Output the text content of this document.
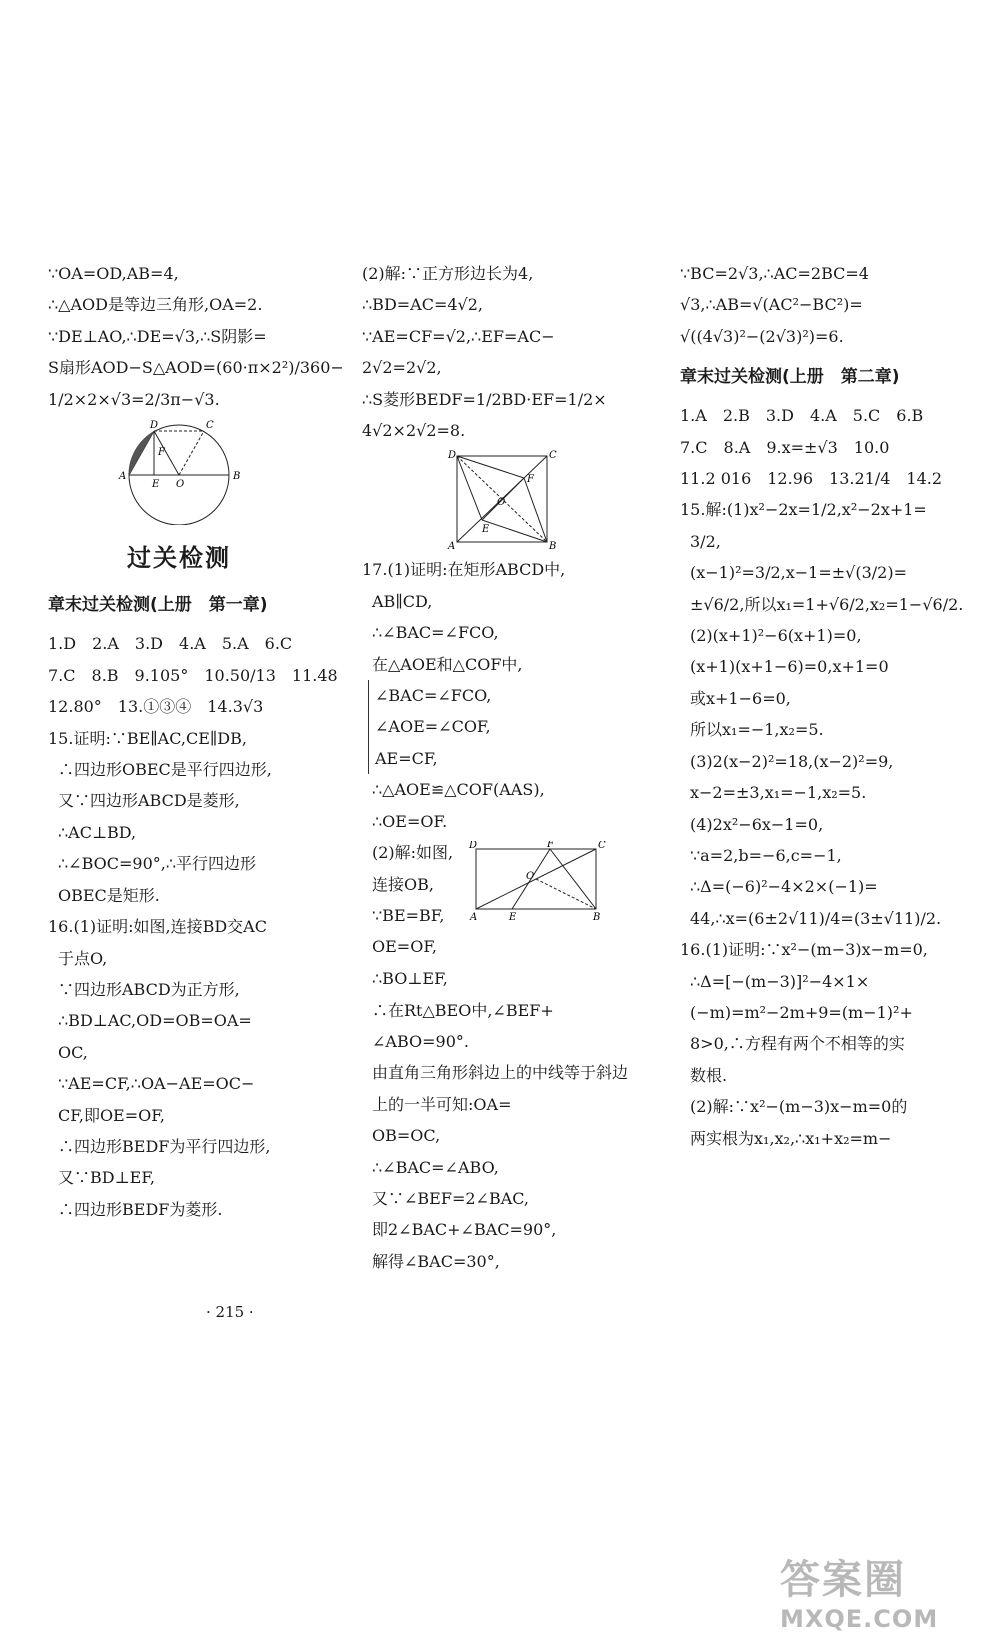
∵OA=OD,AB=4,
∴△AOD是等边三角形,OA=2.
∵DE⊥AO,∴DE=√3,∴S阴影=
S扇形AOD−S△AOD=(60·π×2²)/360−
1/2×2×√3=2/3π−√3.
D	C
F
A
E O
B
过关检测
章末过关检测(上册　第一章)
1.D　2.A　3.D　4.A　5.A　6.C
7.C　8.B　9.105°　10.50/13　11.48
12.80°　13.①③④　14.3√3
15.证明:∵BE∥AC,CE∥DB,
∴四边形OBEC是平行四边形,
又∵四边形ABCD是菱形,
∴AC⊥BD,
∴∠BOC=90°,∴平行四边形
OBEC是矩形.
16.(1)证明:如图,连接BD交AC
于点O,
∵四边形ABCD为正方形,
∴BD⊥AC,OD=OB=OA=
OC,
∵AE=CF,∴OA−AE=OC−
CF,即OE=OF,
∴四边形BEDF为平行四边形,
又∵BD⊥EF,
∴四边形BEDF为菱形.
· 215 ·
(2)解:∵正方形边长为4,
∴BD=AC=4√2,
∵AE=CF=√2,∴EF=AC−
2√2=2√2,
∴S菱形BEDF=1/2BD·EF=1/2×
4√2×2√2=8.
D	C
F
O
E
A	B
17.(1)证明:在矩形ABCD中,
AB∥CD,
∴∠BAC=∠FCO,
在△AOE和△COF中,
∠BAC=∠FCO,
∠AOE=∠COF,
AE=CF,
∴△AOE≌△COF(AAS),
∴OE=OF.
(2)解:如图,
连接OB,
∵BE=BF,
OE=OF,
D	F	C
O
A	E	B
∴BO⊥EF,
∴在Rt△BEO中,∠BEF+
∠ABO=90°.
由直角三角形斜边上的中线等于斜边上的一半可知:OA=
OB=OC,
∴∠BAC=∠ABO,
又∵∠BEF=2∠BAC,
即2∠BAC+∠BAC=90°,
解得∠BAC=30°,
∵BC=2√3,∴AC=2BC=4
√3,∴AB=√(AC²−BC²)=
√((4√3)²−(2√3)²)=6.
章末过关检测(上册　第二章)
1.A　2.B　3.D　4.A　5.C　6.B
7.C　8.A　9.x=±√3　10.0
11.2 016　12.96　13.21/4　14.2
15.解:(1)x²−2x=1/2,x²−2x+1=
3/2,
(x−1)²=3/2,x−1=±√(3/2)=
±√6/2,所以x₁=1+√6/2,x₂=1−√6/2.
(2)(x+1)²−6(x+1)=0,
(x+1)(x+1−6)=0,x+1=0
或x+1−6=0,
所以x₁=−1,x₂=5.
(3)2(x−2)²=18,(x−2)²=9,
x−2=±3,x₁=−1,x₂=5.
(4)2x²−6x−1=0,
∵a=2,b=−6,c=−1,
∴Δ=(−6)²−4×2×(−1)=
44,∴x=(6±2√11)/4=(3±√11)/2.
16.(1)证明:∵x²−(m−3)x−m=0,
∴Δ=[−(m−3)]²−4×1×
(−m)=m²−2m+9=(m−1)²+
8>0,∴方程有两个不相等的实
数根.
(2)解:∵x²−(m−3)x−m=0的
两实根为x₁,x₂,∴x₁+x₂=m−
答案圈
MXQE.COM
